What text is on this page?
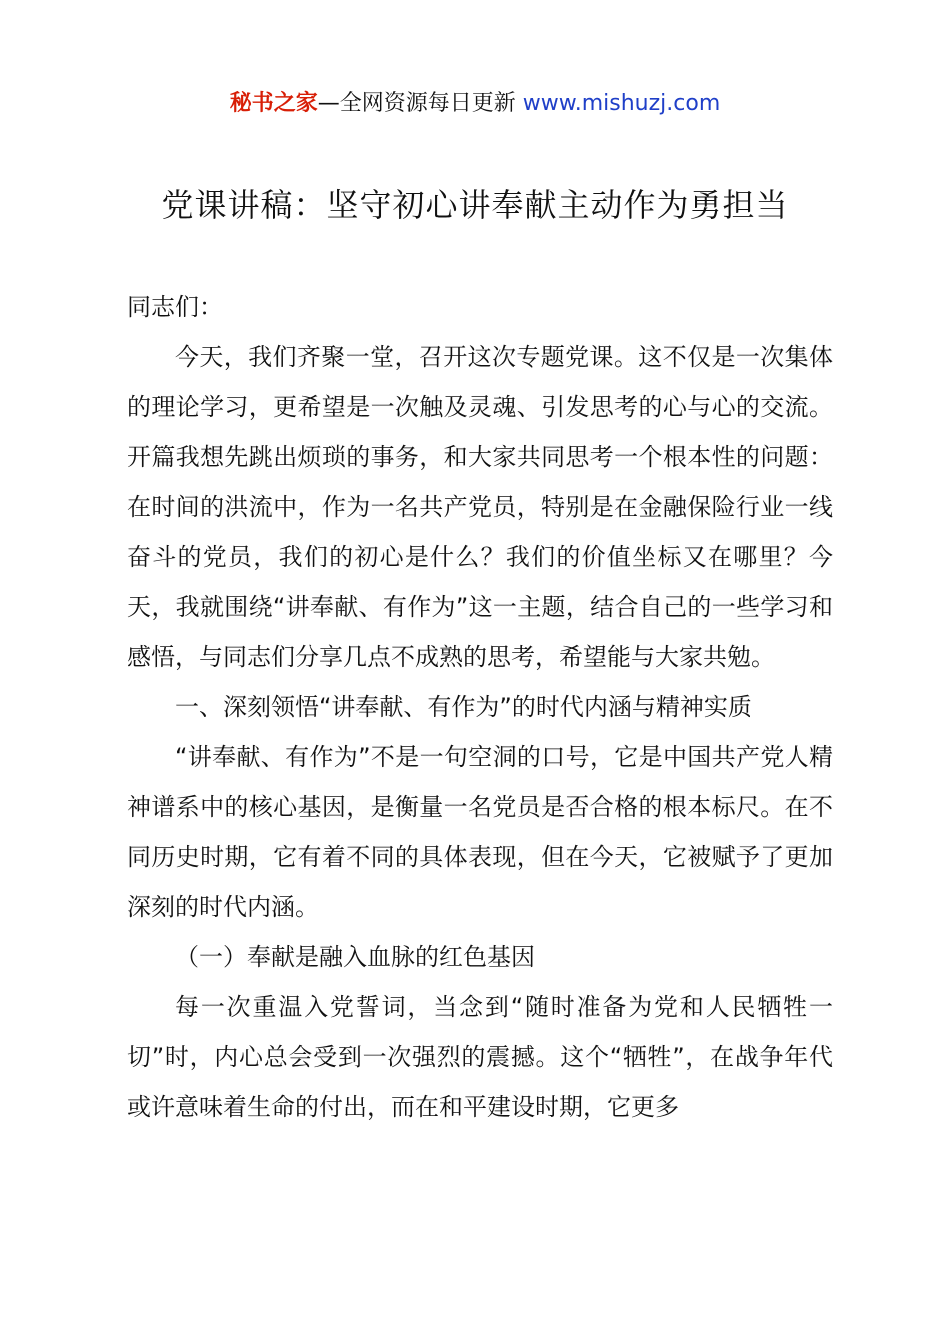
秘书之家—全网资源每日更新 www.mishuzj.com
党课讲稿：坚守初心讲奉献主动作为勇担当

同志们：

今天，我们齐聚一堂，召开这次专题党课。这不仅是一次集体的理论学习，更希望是一次触及灵魂、引发思考的心与心的交流。开篇我想先跳出烦琐的事务，和大家共同思考一个根本性的问题：在时间的洪流中，作为一名共产党员，特别是在金融保险行业一线奋斗的党员，我们的初心是什么？我们的价值坐标又在哪里？今天，我就围绕“讲奉献、有作为”这一主题，结合自己的一些学习和感悟，与同志们分享几点不成熟的思考，希望能与大家共勉。

一、深刻领悟“讲奉献、有作为”的时代内涵与精神实质

“讲奉献、有作为”不是一句空洞的口号，它是中国共产党人精神谱系中的核心基因，是衡量一名党员是否合格的根本标尺。在不同历史时期，它有着不同的具体表现，但在今天，它被赋予了更加深刻的时代内涵。

（一）奉献是融入血脉的红色基因

每一次重温入党誓词，当念到“随时准备为党和人民牺牲一切”时，内心总会受到一次强烈的震撼。这个“牺牲”，在战争年代或许意味着生命的付出，而在和平建设时期，它更多
